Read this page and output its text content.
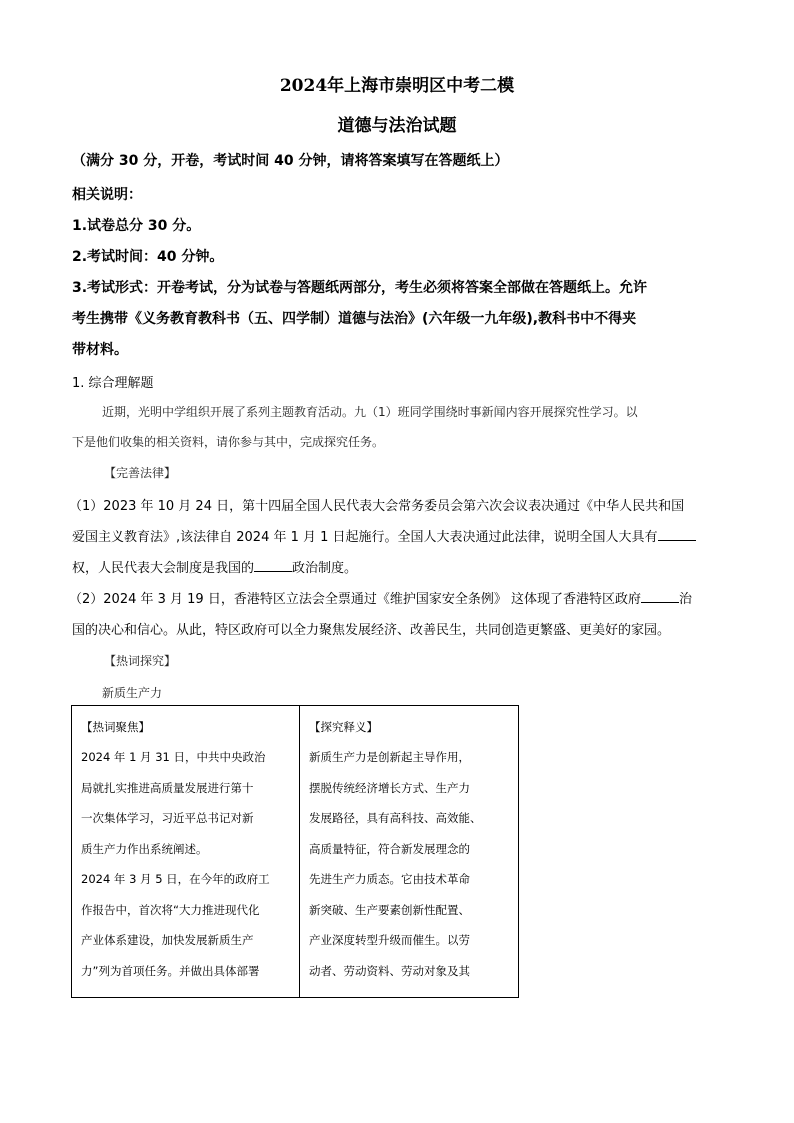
2024年上海市崇明区中考二模
道德与法治试题
（满分 30 分，开卷，考试时间 40 分钟，请将答案填写在答题纸上）
相关说明：
1.试卷总分 30 分。
2.考试时间：40 分钟。
3.考试形式：开卷考试，分为试卷与答题纸两部分，考生必须将答案全部做在答题纸上。允许
考生携带《义务教育教科书（五、四学制）道德与法治》(六年级一九年级),教科书中不得夹
带材料。
1. 综合理解题
近期，光明中学组织开展了系列主题教育活动。九（1）班同学围绕时事新闻内容开展探究性学习。以
下是他们收集的相关资料，请你参与其中，完成探究任务。
【完善法律】
（1）2023 年 10 月 24 日，第十四届全国人民代表大会常务委员会第六次会议表决通过《中华人民共和国
爱国主义教育法》,该法律自 2024 年 1 月 1 日起施行。全国人大表决通过此法律，说明全国人大具有
权，人民代表大会制度是我国的	政治制度。
（2）2024 年 3 月 19 日，香港特区立法会全票通过《维护国家安全条例》 这体现了香港特区政府	治
国的决心和信心。从此，特区政府可以全力聚焦发展经济、改善民生，共同创造更繁盛、更美好的家园。
【热词探究】
新质生产力
【热词聚焦】
2024 年 1 月 31 日，中共中央政治
局就扎实推进高质量发展进行第十
一次集体学习，习近平总书记对新
质生产力作出系统阐述。
2024 年 3 月 5 日，在今年的政府工
作报告中，首次将“大力推进现代化
产业体系建设，加快发展新质生产
力”列为首项任务。并做出具体部署

【探究释义】
新质生产力是创新起主导作用，
摆脱传统经济增长方式、生产力
发展路径，具有高科技、高效能、
高质量特征，符合新发展理念的
先进生产力质态。它由技术革命
新突破、生产要素创新性配置、
产业深度转型升级而催生。以劳
动者、劳动资料、劳动对象及其
